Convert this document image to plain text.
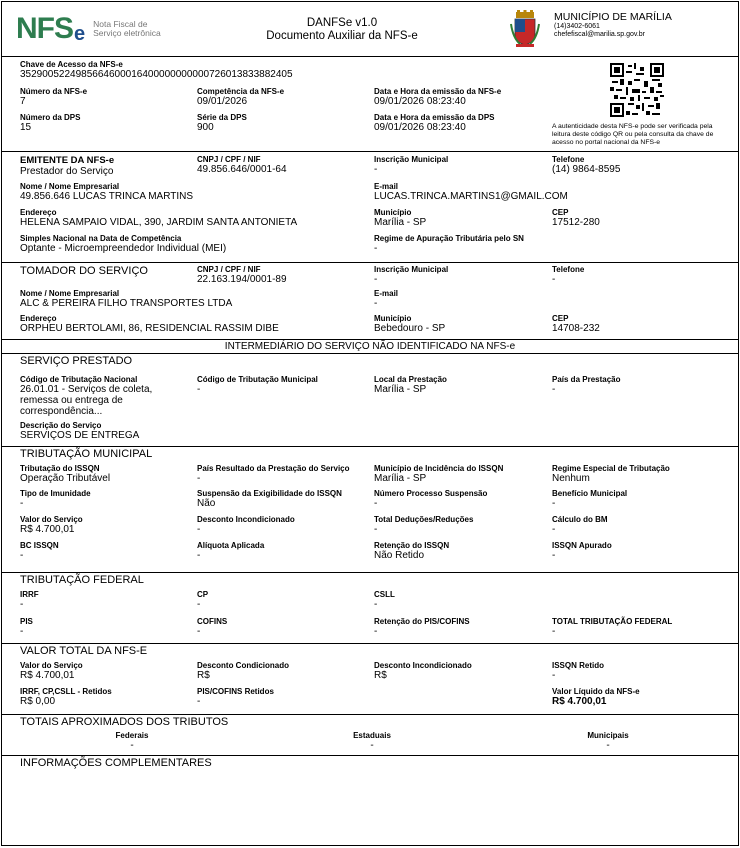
NFS e Nota Fiscal de
Serviço eletrônica
DANFSe v1.0
Documento Auxiliar da NFS-e
MUNICÍPIO DE MARÍLIA
(14)3402-6061
chefefiscal@marilia.sp.gov.br
Chave de Acesso da NFS-e
35290052249856646000164000000000007260138338824​05
Número da NFS-e
7
Competência da NFS-e
09/01/2026
Data e Hora da emissão da NFS-e
09/01/2026 08:23:40
Número da DPS
15
Série da DPS
900
Data e Hora da emissão da DPS
09/01/2026 08:23:40	A autenticidade desta NFS-e pode ser verificada pela leitura deste código QR ou pela consulta da chave de acesso no portal nacional da NFS-e
EMITENTE DA NFS-e
Prestador do Serviço
CNPJ / CPF / NIF
49.856.646/0001-64
Inscrição Municipal
-
Telefone
(14) 9864-8595
Nome / Nome Empresarial
49.856.646 LUCAS TRINCA MARTINS
E-mail
LUCAS.TRINCA.MARTINS1@GMAIL.COM
Endereço
HELENA SAMPAIO VIDAL, 390, JARDIM SANTA ANTONIETA
Município
Marília - SP
CEP
17512-280
Simples Nacional na Data de Competência
Optante - Microempreendedor Individual (MEI)
Regime de Apuração Tributária pelo SN
-
TOMADOR DO SERVIÇO	CNPJ / CPF / NIF
22.163.194/0001-89
Inscrição Municipal
-
Telefone
-
Nome / Nome Empresarial
ALC & PEREIRA FILHO TRANSPORTES LTDA
E-mail
-
Endereço
ORPHEU BERTOLAMI, 86, RESIDENCIAL RASSIM DIBE
Município
Bebedouro - SP
CEP
14708-232
INTERMEDIÁRIO DO SERVIÇO NÃO IDENTIFICADO NA NFS-e
SERVIÇO PRESTADO
Código de Tributação Nacional
26.01.01 - Serviços de coleta,
remessa ou entrega de
correspondência...
Código de Tributação Municipal
-
Local da Prestação
Marília - SP
País da Prestação
-
Descrição do Serviço
SERVIÇOS DE ENTREGA
TRIBUTAÇÃO MUNICIPAL
Tributação do ISSQN
Operação Tributável
País Resultado da Prestação do Serviço
-
Município de Incidência do ISSQN
Marília - SP
Regime Especial de Tributação
Nenhum
Tipo de Imunidade
-
Suspensão da Exigibilidade do ISSQN
Não
Número Processo Suspensão
-
Benefício Municipal
-
Valor do Serviço
R$ 4.700,01
Desconto Incondicionado
-
Total Deduções/Reduções
-
Cálculo do BM
-
BC ISSQN
-
Alíquota Aplicada
-
Retenção do ISSQN
Não Retido
ISSQN Apurado
-
TRIBUTAÇÃO FEDERAL
IRRF
-
CP
-
CSLL
-
PIS
-
COFINS
-
Retenção do PIS/COFINS
-
TOTAL TRIBUTAÇÃO FEDERAL
-
VALOR TOTAL DA NFS-E
Valor do Serviço
R$ 4.700,01
Desconto Condicionado
R$
Desconto Incondicionado
R$
ISSQN Retido
-
IRRF, CP,CSLL - Retidos
R$ 0,00
PIS/COFINS Retidos
-
Valor Líquido da NFS-e
R$ 4.700,01
TOTAIS APROXIMADOS DOS TRIBUTOS
Federais
-
Estaduais
-
Municipais
-
INFORMAÇÕES COMPLEMENTARES
